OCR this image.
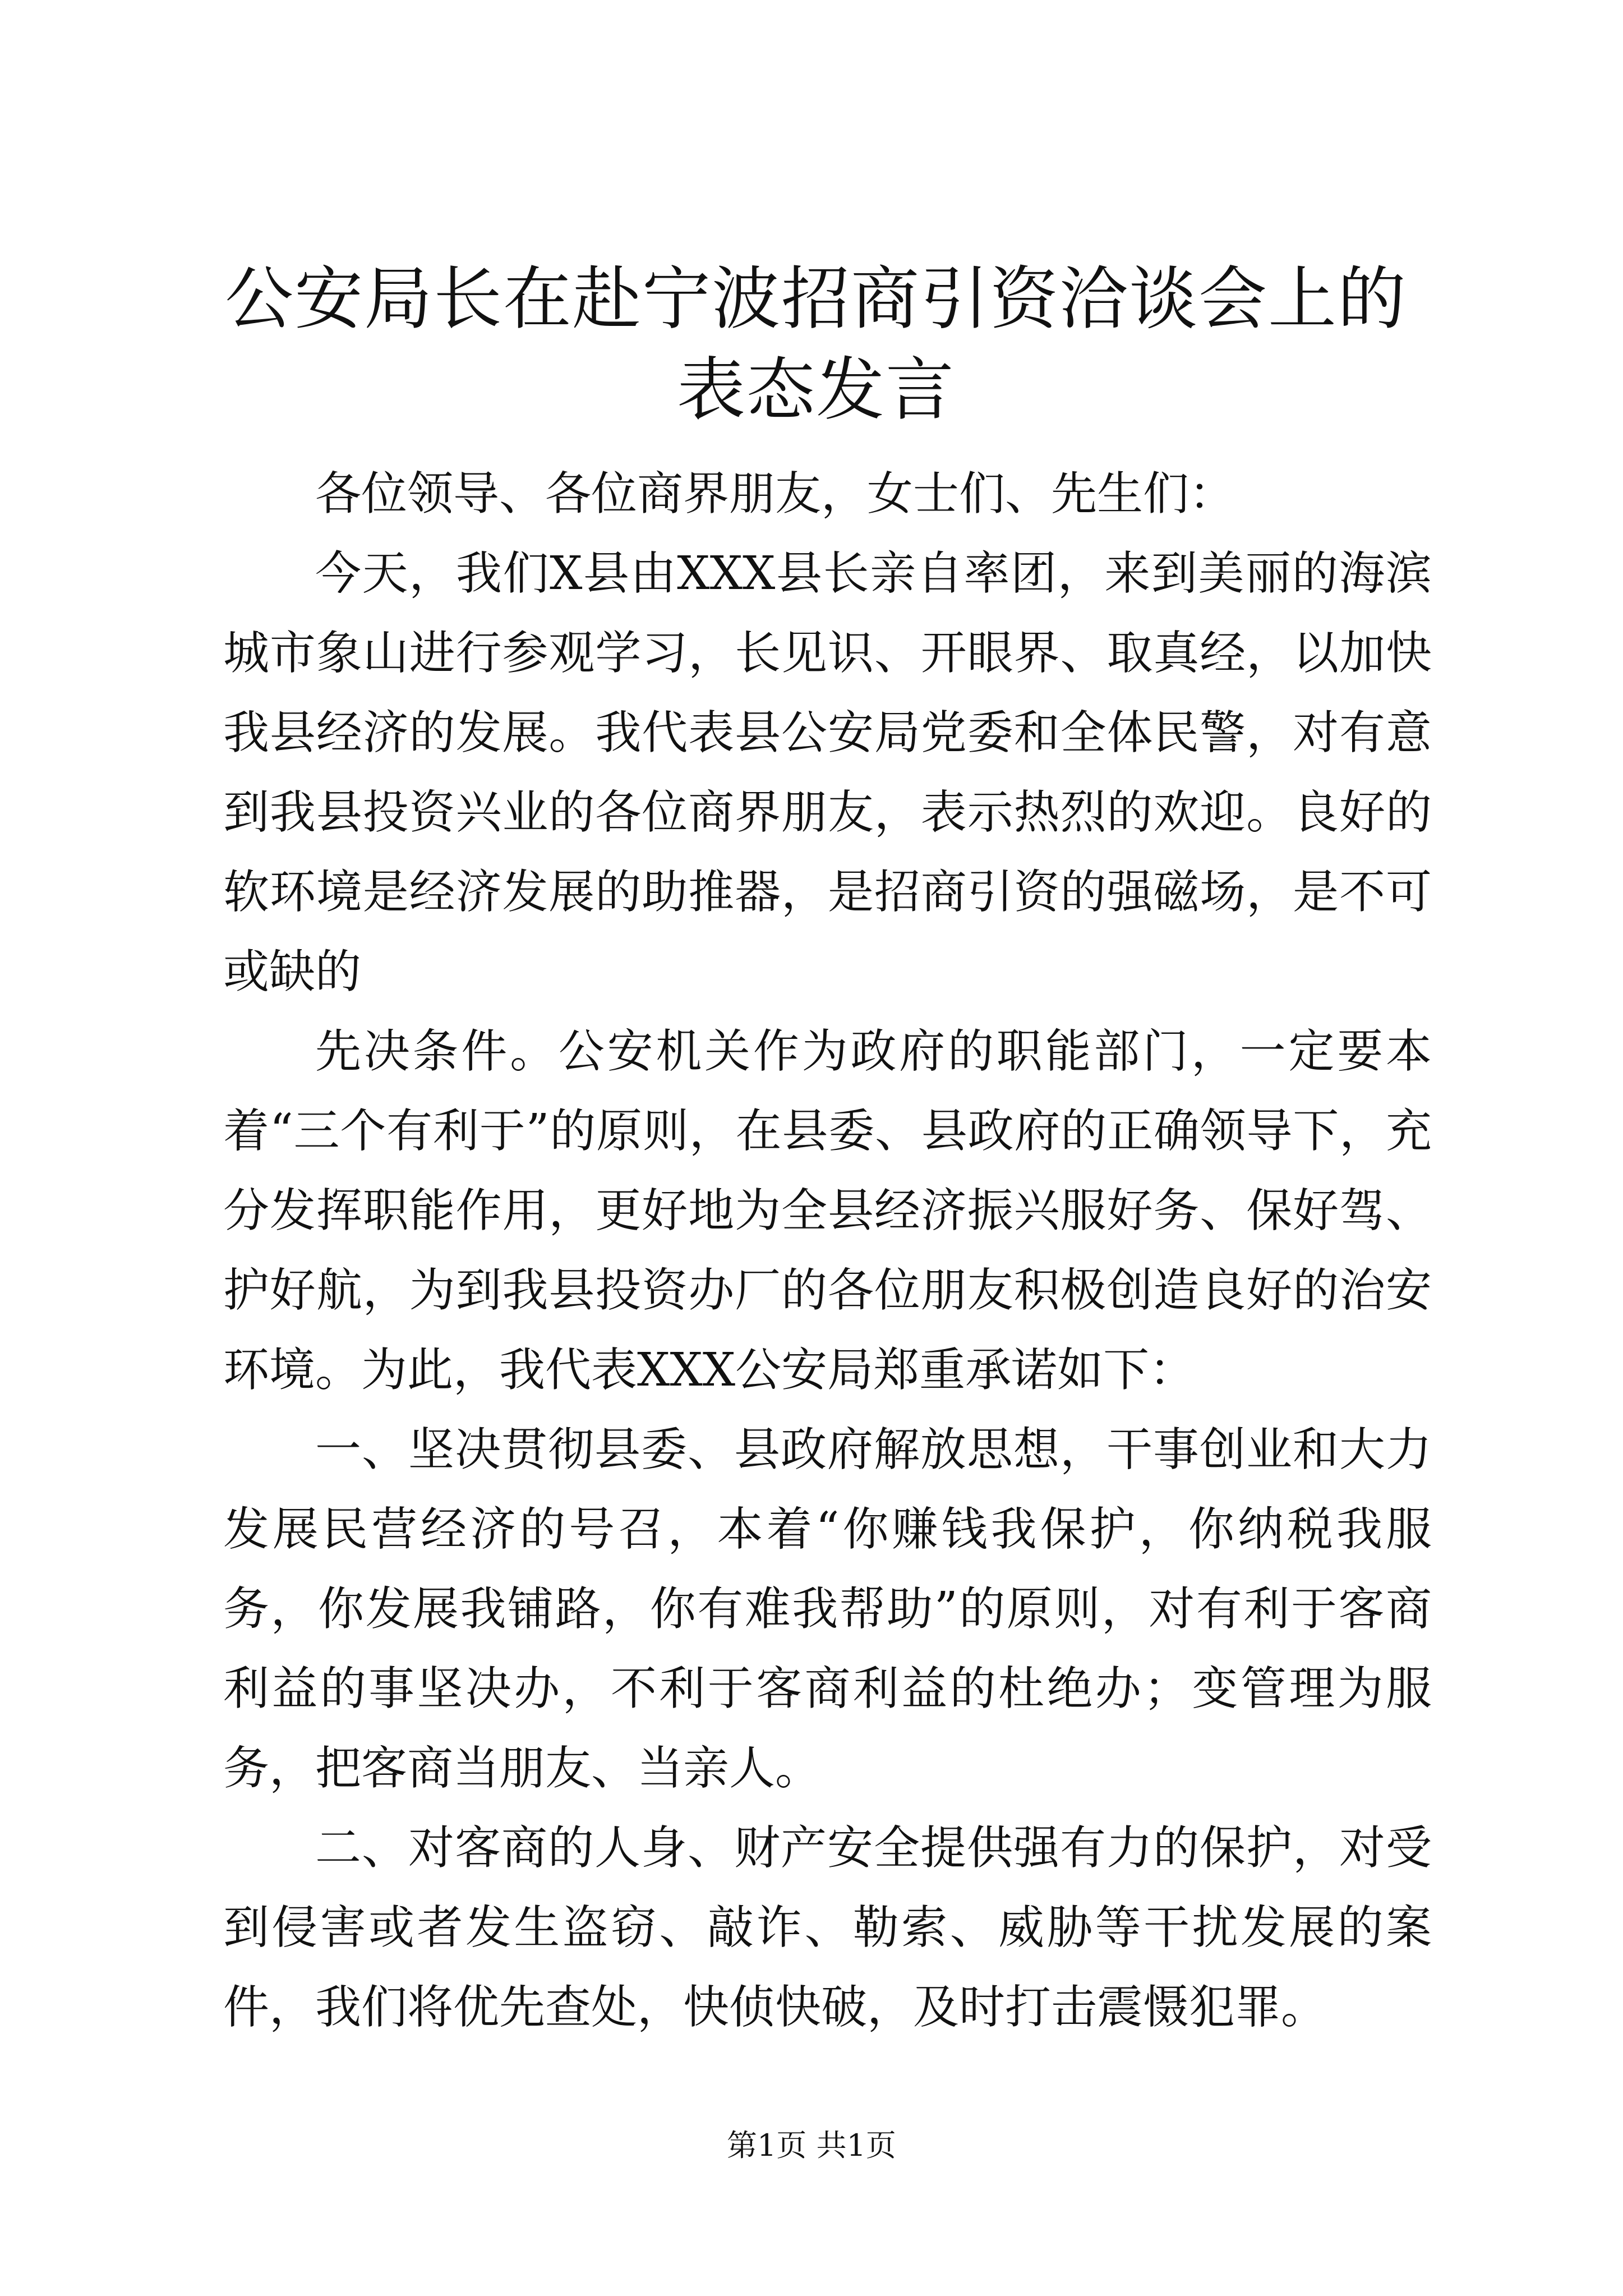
公安局长在赴宁波招商引资洽谈会上的表态发言

各位领导、各位商界朋友，女士们、先生们：

今天，我们X县由XXX县长亲自率团，来到美丽的海滨城市象山进行参观学习，长见识、开眼界、取真经，以加快我县经济的发展。我代表县公安局党委和全体民警，对有意到我县投资兴业的各位商界朋友，表示热烈的欢迎。良好的软环境是经济发展的助推器，是招商引资的强磁场，是不可或缺的

先决条件。公安机关作为政府的职能部门，一定要本着“三个有利于”的原则，在县委、县政府的正确领导下，充分发挥职能作用，更好地为全县经济振兴服好务、保好驾、护好航，为到我县投资办厂的各位朋友积极创造良好的治安环境。为此，我代表XXX公安局郑重承诺如下：

一、坚决贯彻县委、县政府解放思想，干事创业和大力发展民营经济的号召，本着“你赚钱我保护，你纳税我服务，你发展我铺路，你有难我帮助”的原则，对有利于客商利益的事坚决办，不利于客商利益的杜绝办；变管理为服务，把客商当朋友、当亲人。

二、对客商的人身、财产安全提供强有力的保护，对受到侵害或者发生盗窃、敲诈、勒索、威胁等干扰发展的案件，我们将优先查处，快侦快破，及时打击震慑犯罪。

第1页 共1页
